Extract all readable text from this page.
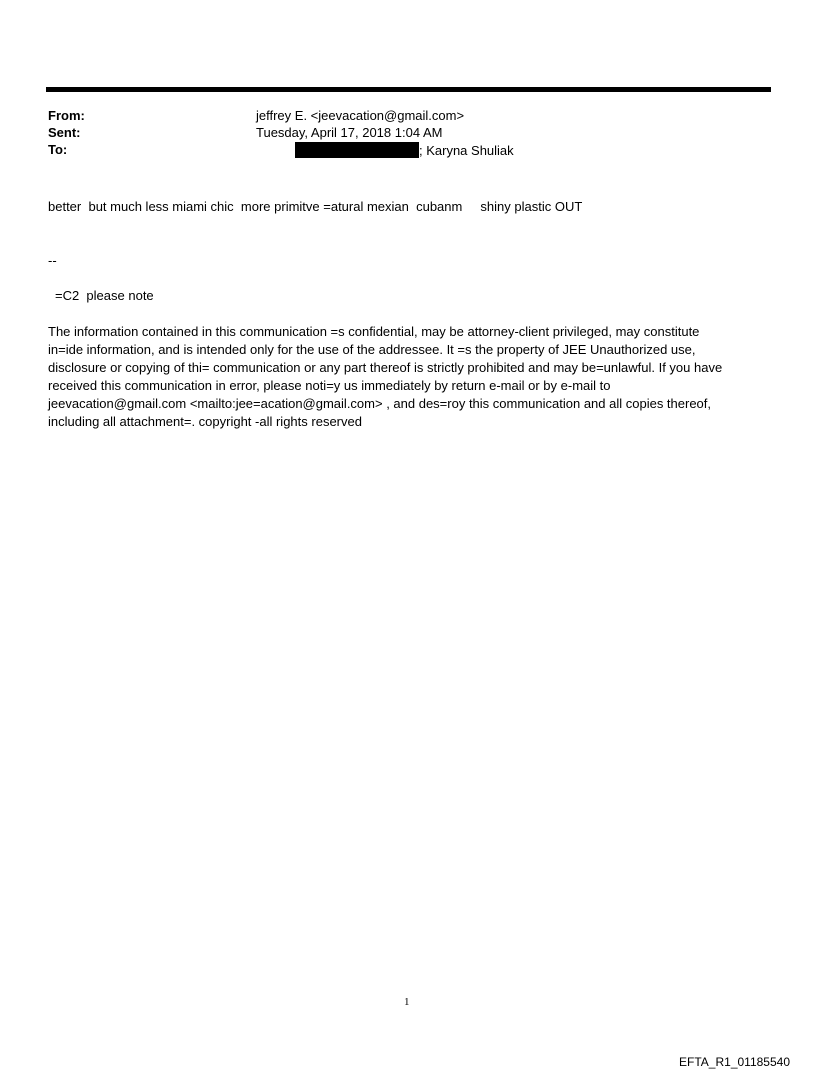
From:	jeffrey E. <jeevacation@gmail.com>
Sent:	Tuesday, April 17, 2018 1:04 AM
To:	; Karyna Shuliak
better  but much less miami chic  more primitve =atural mexian  cubanm     shiny plastic OUT
--
=C2  please note
The information contained in this communication =s confidential, may be attorney-client privileged, may constitute
in=ide information, and is intended only for the use of the addressee. It =s the property of JEE Unauthorized use,
disclosure or copying of thi= communication or any part thereof is strictly prohibited and may be=unlawful. If you have
received this communication in error, please noti=y us immediately by return e-mail or by e-mail to
jeevacation@gmail.com <mailto:jee=acation@gmail.com> , and des=roy this communication and all copies thereof,
including all attachment=. copyright -all rights reserved
1
EFTA_R1_01185540
